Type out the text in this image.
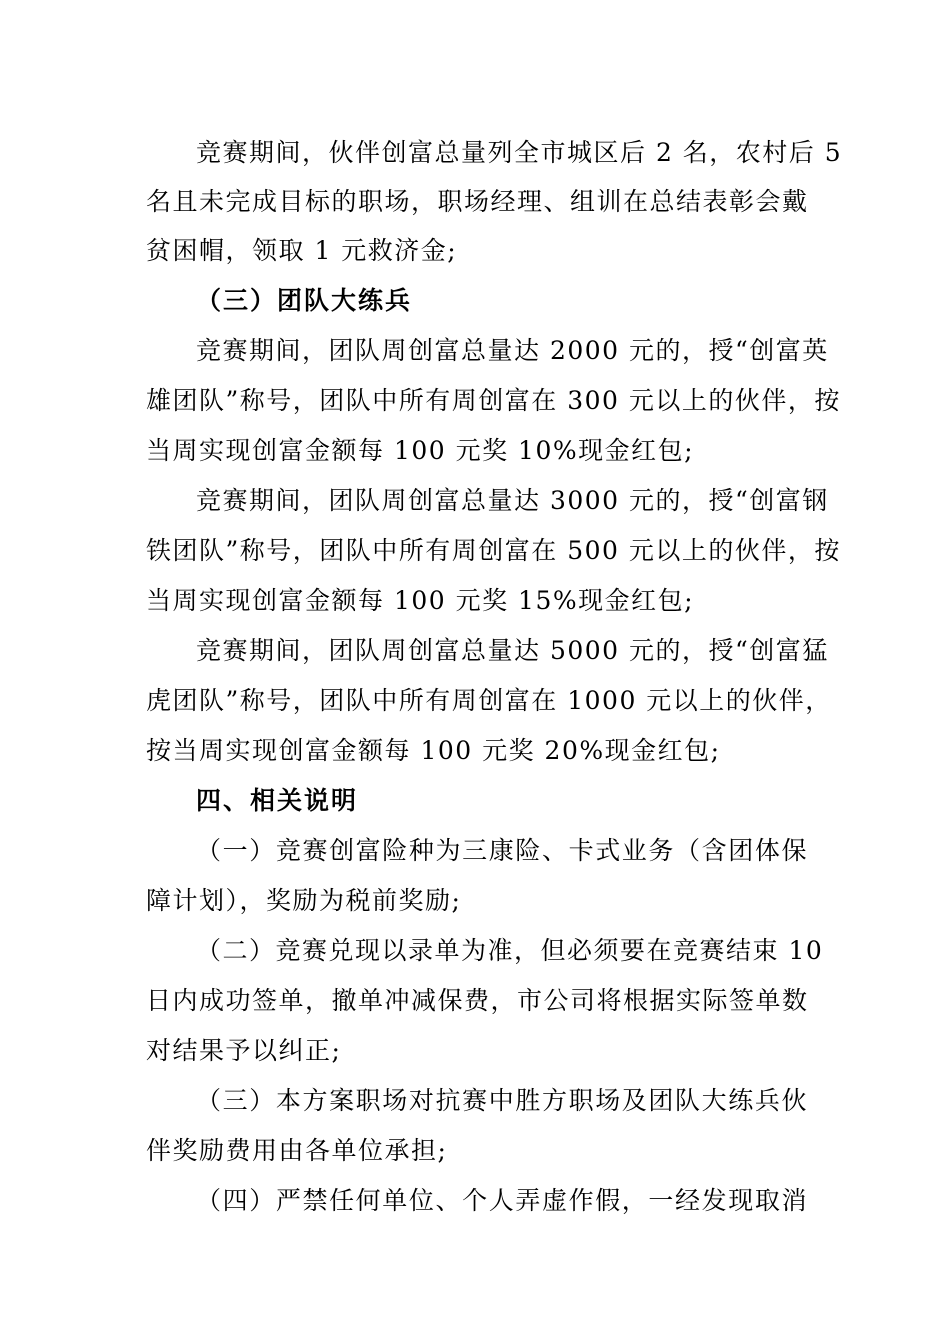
竞赛期间，伙伴创富总量列全市城区后 2 名，农村后 5
名且未完成目标的职场，职场经理、组训在总结表彰会戴
贫困帽，领取 1 元救济金;
（三）团队大练兵
竞赛期间，团队周创富总量达 2000 元的，授“创富英
雄团队”称号，团队中所有周创富在 300 元以上的伙伴，按
当周实现创富金额每 100 元奖 10%现金红包;
竞赛期间，团队周创富总量达 3000 元的，授“创富钢
铁团队”称号，团队中所有周创富在 500 元以上的伙伴，按
当周实现创富金额每 100 元奖 15%现金红包;
竞赛期间，团队周创富总量达 5000 元的，授“创富猛
虎团队”称号，团队中所有周创富在 1000 元以上的伙伴，
按当周实现创富金额每 100 元奖 20%现金红包;
四、相关说明
（一）竞赛创富险种为三康险、卡式业务（含团体保
障计划），奖励为税前奖励;
（二）竞赛兑现以录单为准，但必须要在竞赛结束 10
日内成功签单，撤单冲减保费，市公司将根据实际签单数
对结果予以纠正;
（三）本方案职场对抗赛中胜方职场及团队大练兵伙
伴奖励费用由各单位承担;
（四）严禁任何单位、个人弄虚作假，一经发现取消
